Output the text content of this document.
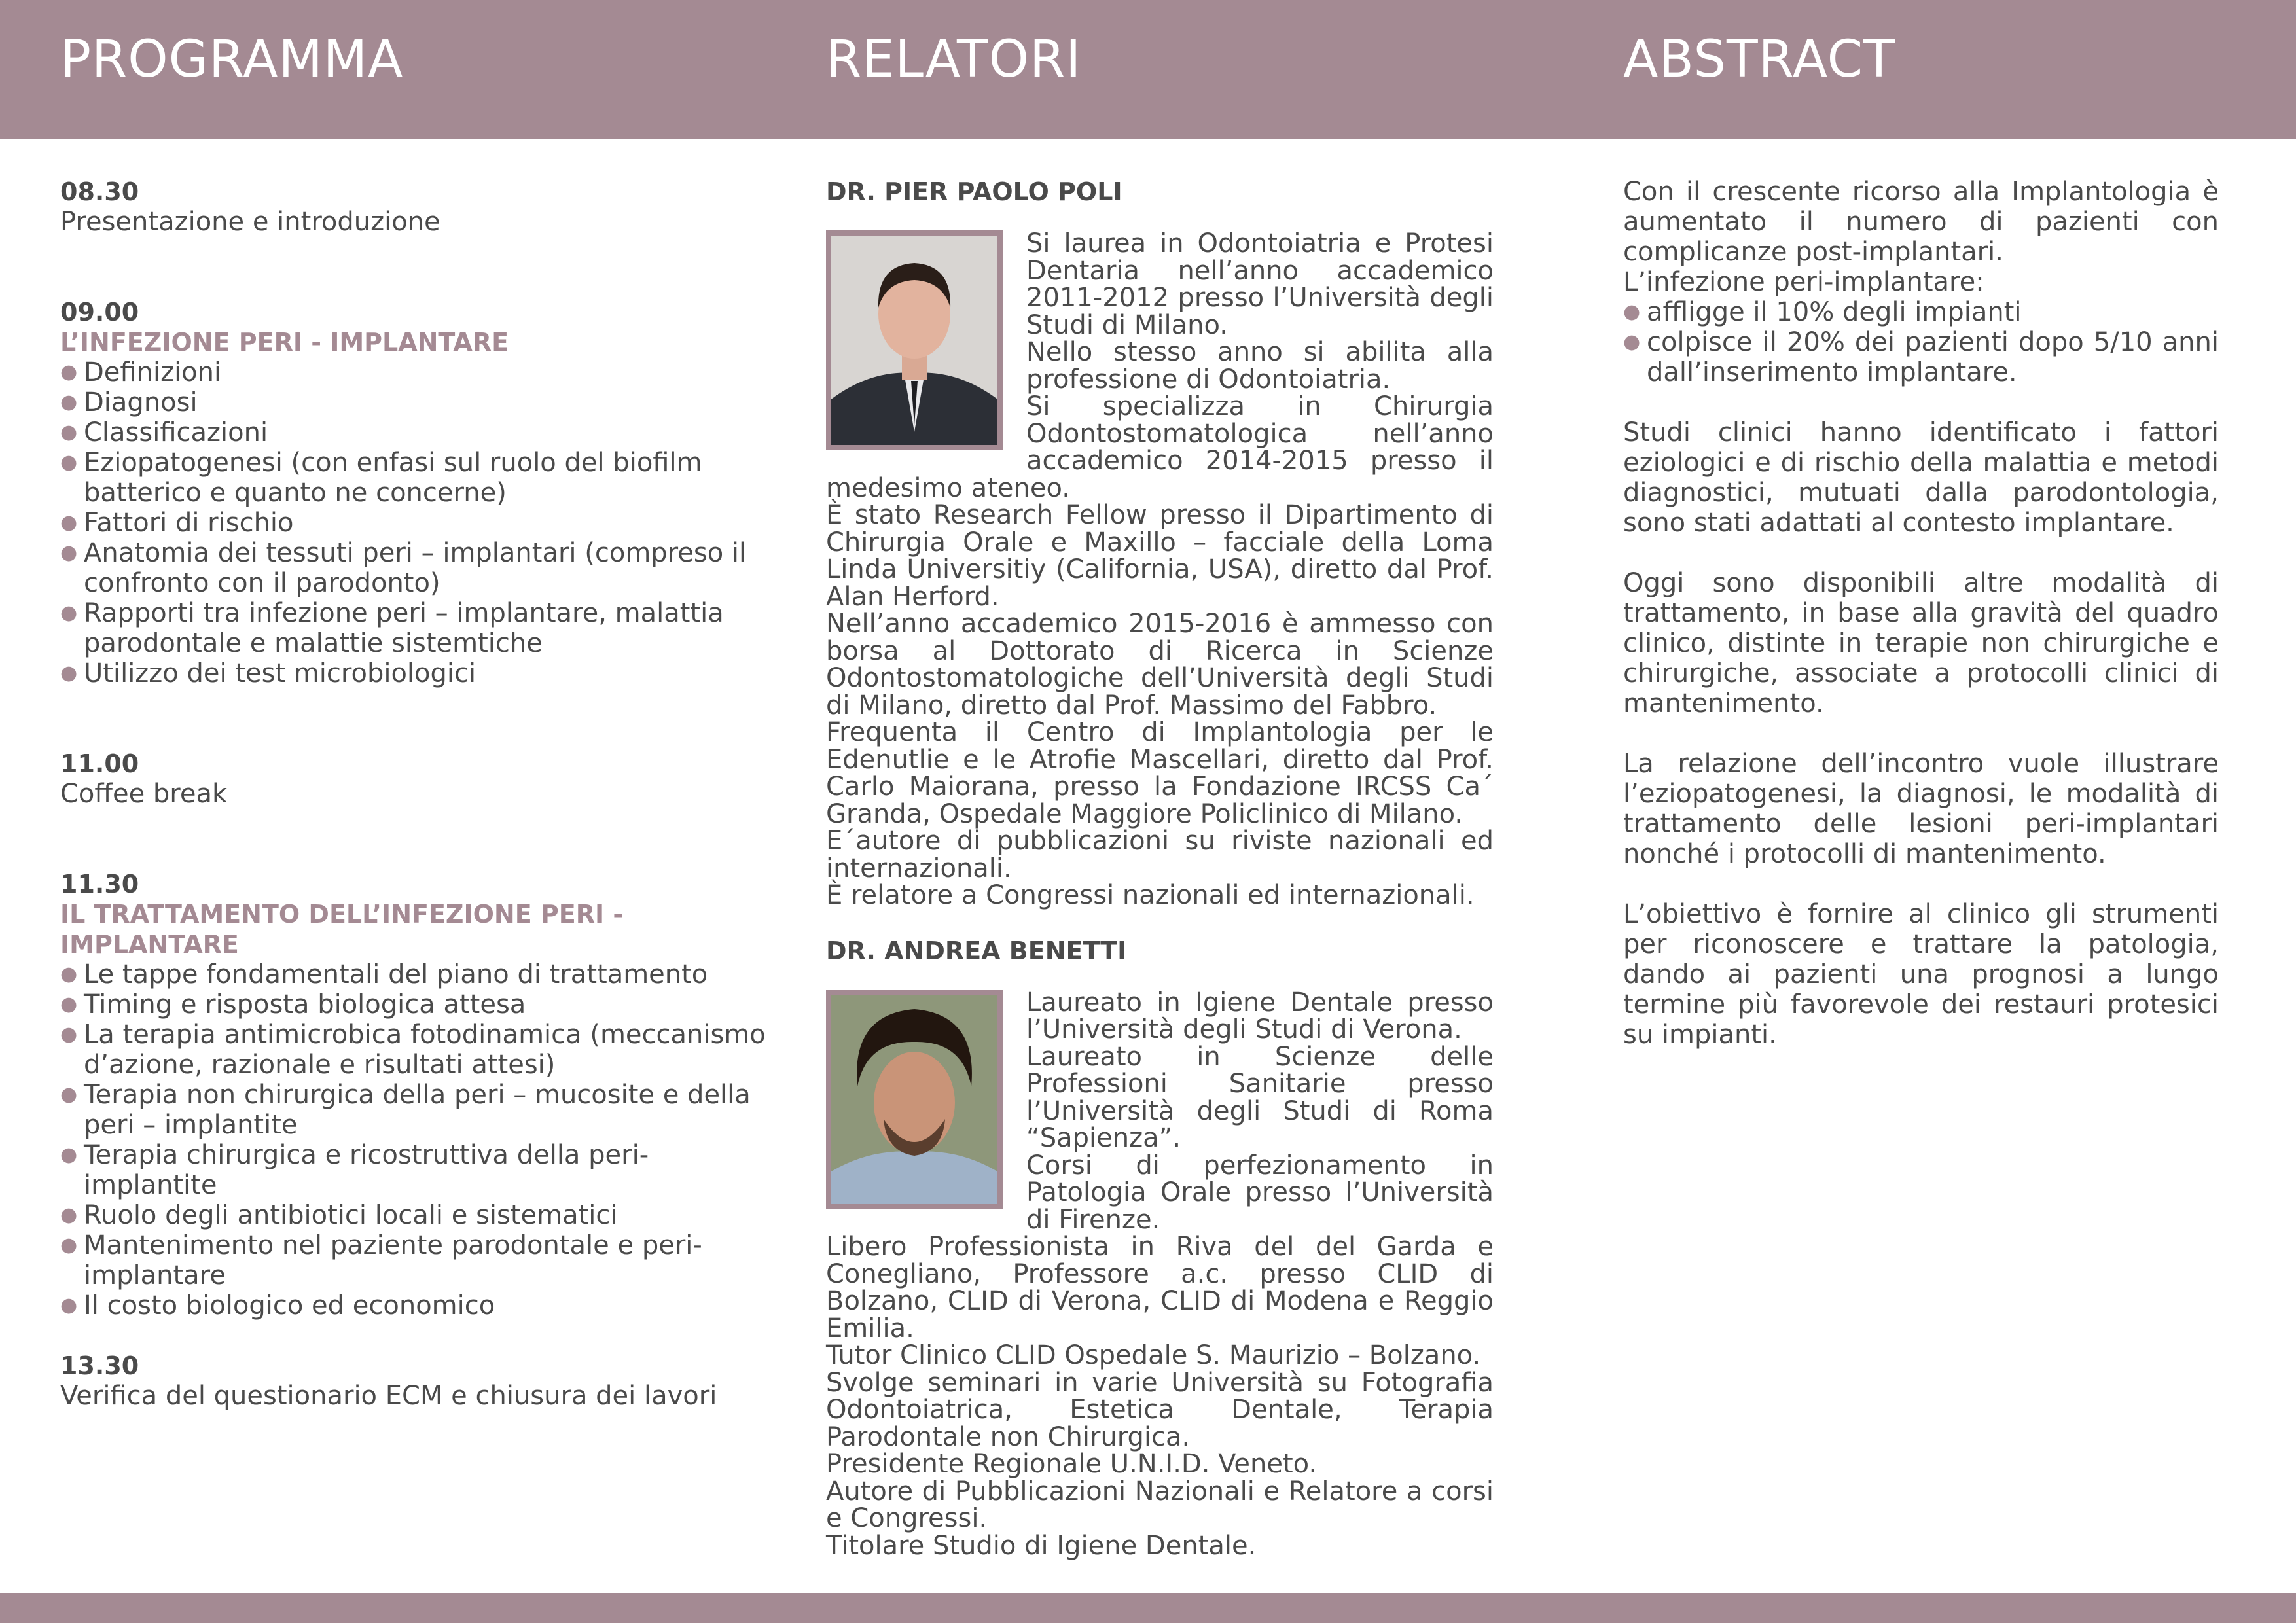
PROGRAMMA	RELATORI	ABSTRACT
08.30
Presentazione e introduzione
09.00
L’INFEZIONE PERI - IMPLANTARE
● Definizioni
● Diagnosi
● Classificazioni
● Eziopatogenesi (con enfasi sul ruolo del biofilm batterico e quanto ne concerne)
● Fattori di rischio
● Anatomia dei tessuti peri – implantari (compreso il confronto con il parodonto)
● Rapporti tra infezione peri – implantare, malattia parodontale e malattie sistemtiche
● Utilizzo dei test microbiologici
11.00
Coffee break
11.30
IL TRATTAMENTO DELL’INFEZIONE PERI - IMPLANTARE
● Le tappe fondamentali del piano di trattamento
● Timing e risposta biologica attesa
● La terapia antimicrobica fotodinamica (meccanismo d’azione, razionale e risultati attesi)
● Terapia non chirurgica della peri – mucosite e della peri – implantite
● Terapia chirurgica e ricostruttiva della peri-implantite
● Ruolo degli antibiotici locali e sistematici
● Mantenimento nel paziente parodontale e peri-implantare
● Il costo biologico ed economico
13.30
Verifica del questionario ECM e chiusura dei lavori
DR. PIER PAOLO POLI

Si laurea in Odontoiatria e Protesi Dentaria nell’anno accademico 2011-2012 presso l’Università degli Studi di Milano.

Nello stesso anno si abilita alla professione di Odontoiatria.

Si specializza in Chirurgia Odontostomatologica nell’anno accademico 2014-2015 presso il medesimo ateneo.

È stato Research Fellow presso il Dipartimento di Chirurgia Orale e Maxillo – facciale della Loma Linda Universitiy (California, USA), diretto dal Prof. Alan Herford.

Nell’anno accademico 2015-2016 è ammesso con borsa al Dottorato di Ricerca in Scienze Odontostomatologiche dell’Università degli Studi di Milano, diretto dal Prof. Massimo del Fabbro.

Frequenta il Centro di Implantologia per le Edenutlie e le Atrofie Mascellari, diretto dal Prof. Carlo Maiorana, presso la Fondazione IRCSS Ca´ Granda, Ospedale Maggiore Policlinico di Milano.

E´autore di pubblicazioni su riviste nazionali ed internazionali.

È relatore a Congressi nazionali ed internazionali.

DR. ANDREA BENETTI

Laureato in Igiene Dentale presso l’Università degli Studi di Verona.

Laureato in Scienze delle Professioni Sanitarie presso l’Università degli Studi di Roma “Sapienza”.

Corsi di perfezionamento in Patologia Orale presso l’Università di Firenze.

Libero Professionista in Riva del del Garda e Conegliano, Professore a.c. presso CLID di Bolzano, CLID di Verona, CLID di Modena e Reggio Emilia.

Tutor Clinico CLID Ospedale S. Maurizio – Bolzano.

Svolge seminari in varie Università su Fotografia Odontoiatrica, Estetica Dentale, Terapia Parodontale non Chirurgica.

Presidente Regionale U.N.I.D. Veneto.

Autore di Pubblicazioni Nazionali e Relatore a corsi e Congressi.

Titolare Studio di Igiene Dentale.

Con il crescente ricorso alla Implantologia è aumentato il numero di pazienti con complicanze post-implantari.

L’infezione peri-implantare:

● affligge il 10% degli impianti
● colpisce il 20% dei pazienti dopo 5/10 anni dall’inserimento implantare.

Studi clinici hanno identificato i fattori eziologici e di rischio della malattia e metodi diagnostici, mutuati dalla parodontologia, sono stati adattati al contesto implantare.

Oggi sono disponibili altre modalità di trattamento, in base alla gravità del quadro clinico, distinte in terapie non chirurgiche e chirurgiche, associate a protocolli clinici di mantenimento.

La relazione dell’incontro vuole illustrare l’eziopatogenesi, la diagnosi, le modalità di trattamento delle lesioni peri-implantari nonché i protocolli di mantenimento.

L’obiettivo è fornire al clinico gli strumenti per riconoscere e trattare la patologia, dando ai pazienti una prognosi a lungo termine più favorevole dei restauri protesici su impianti.
